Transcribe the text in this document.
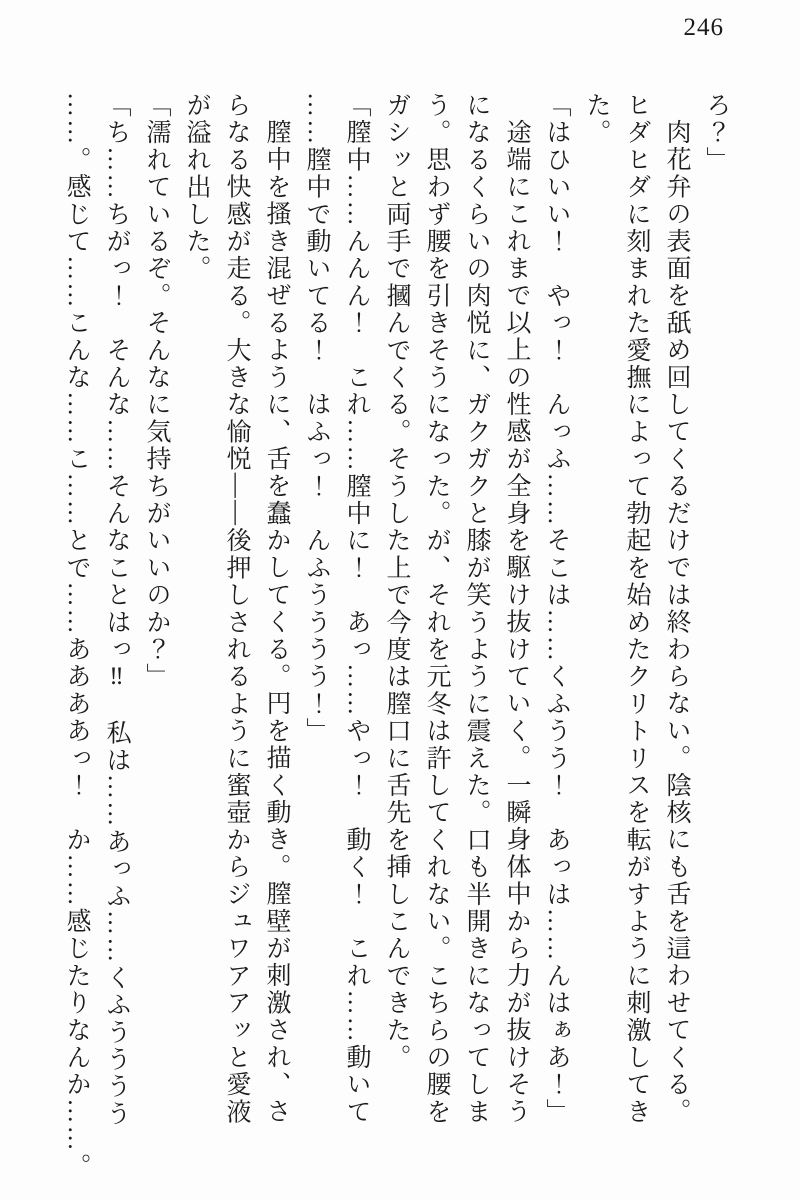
246

ろ？」

肉花弁の表面を舐め回してくるだけでは終わらない。陰核にも舌を這わせてくる。

ヒダヒダに刻まれた愛撫によって勃起を始めたクリトリスを転がすように刺激してき

た。

「はひいい！　やっ！　んっふ……そこは……くふうう！　あっは……んはぁあ！」

途端にこれまで以上の性感が全身を駆け抜けていく。一瞬身体中から力が抜けそう

になるくらいの肉悦に、ガクガクと膝が笑うように震えた。口も半開きになってしま

う。思わず腰を引きそうになった。が、それを元冬は許してくれない。こちらの腰を

ガシッと両手で摑んでくる。そうした上で今度は膣口に舌先を挿しこんできた。

「膣中……んんん！　これ……膣中に！　あっ……やっ！　動く！　これ……動いて

……膣中で動いてる！　はふっ！　んふうううう！」

膣中を搔き混ぜるように、舌を蠢かしてくる。円を描く動き。膣壁が刺激され、さ

らなる快感が走る。大きな愉悦――後押しされるように蜜壺からジュワアアッと愛液

が溢れ出した。

「濡れているぞ。そんなに気持ちがいいのか？」

「ち……ちがっ！　そんな……そんなことはっ‼　私は……あっふ……くふうううう

……。感じて……こんな……こ……とで……ああああっ！　か……感じたりなんか……。
